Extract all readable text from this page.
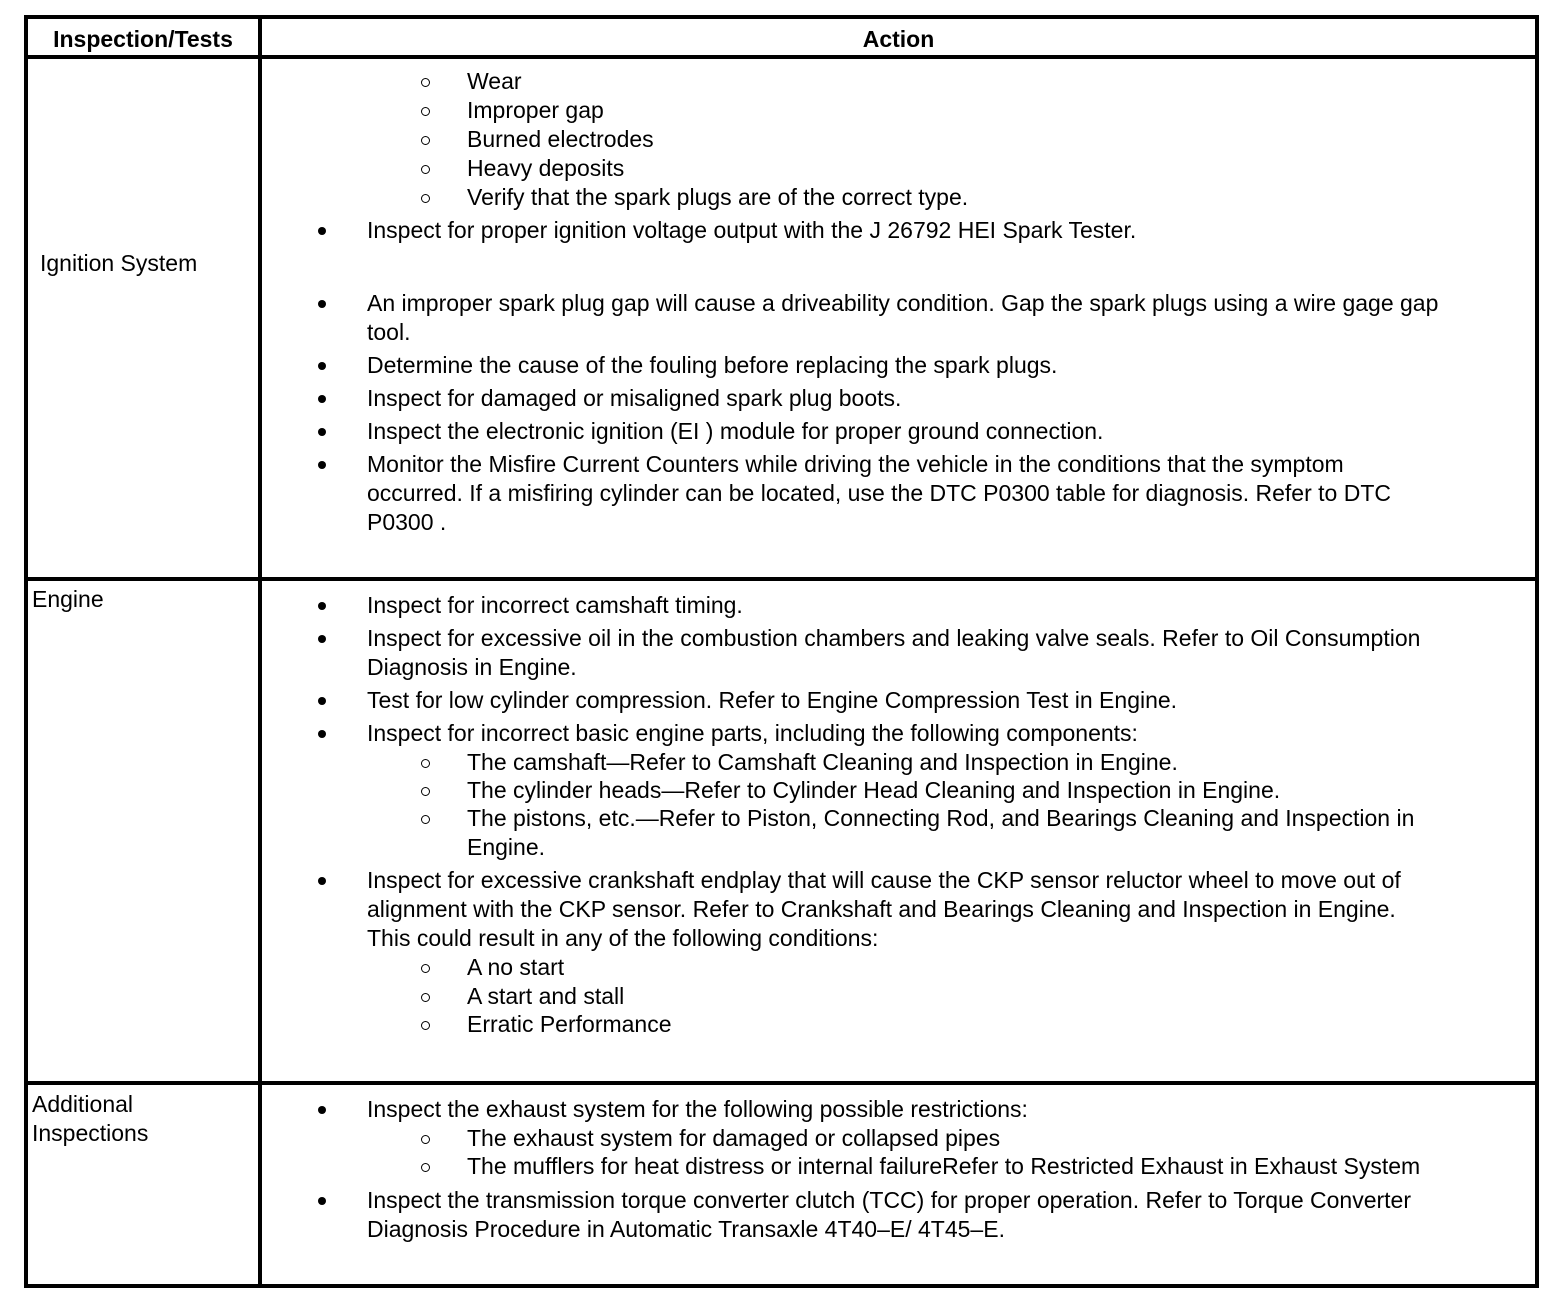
Inspection/Tests	Action
Ignition System
Wear
Improper gap
Burned electrodes
Heavy deposits
Verify that the spark plugs are of the correct type.
Inspect for proper ignition voltage output with the J 26792 HEI Spark Tester.
An improper spark plug gap will cause a driveability condition. Gap the spark plugs using a wire gage gap
tool.
Determine the cause of the fouling before replacing the spark plugs.
Inspect for damaged or misaligned spark plug boots.
Inspect the electronic ignition (EI ) module for proper ground connection.
Monitor the Misfire Current Counters while driving the vehicle in the conditions that the symptom
occurred. If a misfiring cylinder can be located, use the DTC P0300 table for diagnosis. Refer to DTC
P0300 .
Engine	Inspect for incorrect camshaft timing.
Inspect for excessive oil in the combustion chambers and leaking valve seals. Refer to Oil Consumption
Diagnosis in Engine.
Test for low cylinder compression. Refer to Engine Compression Test in Engine.
Inspect for incorrect basic engine parts, including the following components:
The camshaft—Refer to Camshaft Cleaning and Inspection in Engine.
The cylinder heads—Refer to Cylinder Head Cleaning and Inspection in Engine.
The pistons, etc.—Refer to Piston, Connecting Rod, and Bearings Cleaning and Inspection in
Engine.
Inspect for excessive crankshaft endplay that will cause the CKP sensor reluctor wheel to move out of
alignment with the CKP sensor. Refer to Crankshaft and Bearings Cleaning and Inspection in Engine.
This could result in any of the following conditions:
A no start
A start and stall
Erratic Performance
Additional
Inspections
Inspect the exhaust system for the following possible restrictions:
The exhaust system for damaged or collapsed pipes
The mufflers for heat distress or internal failureRefer to Restricted Exhaust in Exhaust System
Inspect the transmission torque converter clutch (TCC) for proper operation. Refer to Torque Converter
Diagnosis Procedure in Automatic Transaxle 4T40–E/ 4T45–E.
